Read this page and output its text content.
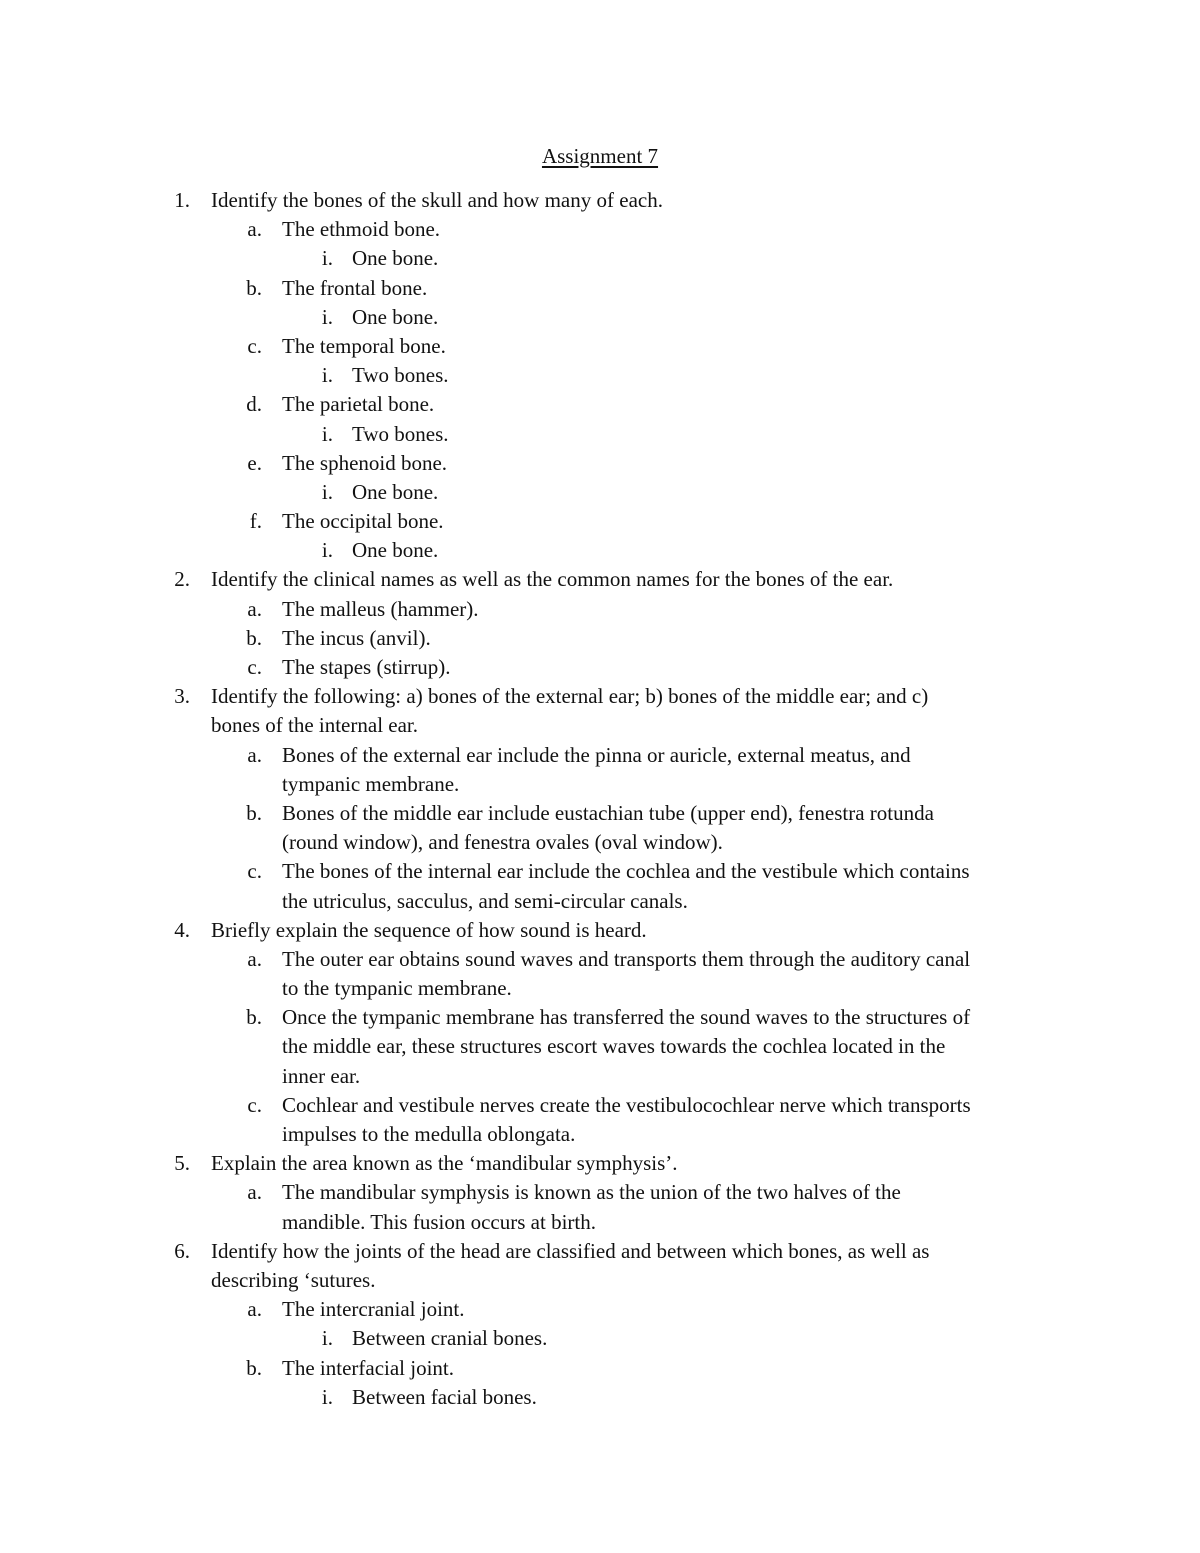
Assignment 7
1. Identify the bones of the skull and how many of each.
a. The ethmoid bone.
i. One bone.
b. The frontal bone.
i. One bone.
c. The temporal bone.
i. Two bones.
d. The parietal bone.
i. Two bones.
e. The sphenoid bone.
i. One bone.
f. The occipital bone.
i. One bone.
2. Identify the clinical names as well as the common names for the bones of the ear.
a. The malleus (hammer).
b. The incus (anvil).
c. The stapes (stirrup).
3. Identify the following: a) bones of the external ear; b) bones of the middle ear; and c)
bones of the internal ear.
a. Bones of the external ear include the pinna or auricle, external meatus, and
tympanic membrane.
b. Bones of the middle ear include eustachian tube (upper end), fenestra rotunda
(round window), and fenestra ovales (oval window).
c. The bones of the internal ear include the cochlea and the vestibule which contains
the utriculus, sacculus, and semi-circular canals.
4. Briefly explain the sequence of how sound is heard.
a. The outer ear obtains sound waves and transports them through the auditory canal
to the tympanic membrane.
b. Once the tympanic membrane has transferred the sound waves to the structures of
the middle ear, these structures escort waves towards the cochlea located in the
inner ear.
c. Cochlear and vestibule nerves create the vestibulocochlear nerve which transports
impulses to the medulla oblongata.
5. Explain the area known as the ‘mandibular symphysis’.
a. The mandibular symphysis is known as the union of the two halves of the
mandible. This fusion occurs at birth.
6. Identify how the joints of the head are classified and between which bones, as well as
describing ‘sutures.
a. The intercranial joint.
i. Between cranial bones.
b. The interfacial joint.
i. Between facial bones.
